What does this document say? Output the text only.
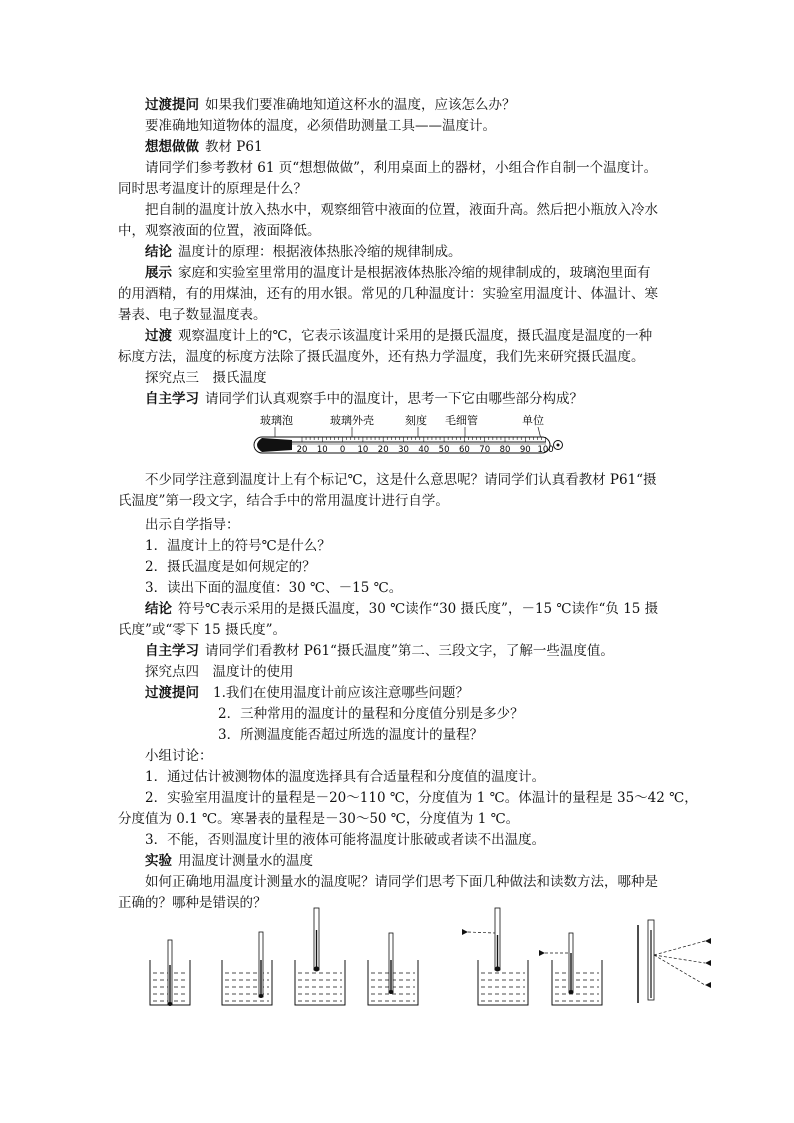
过渡提问 如果我们要准确地知道这杯水的温度，应该怎么办？
要准确地知道物体的温度，必须借助测量工具——温度计。
想想做做 教材 P61
请同学们参考教材 61 页“想想做做”，利用桌面上的器材，小组合作自制一个温度计。
同时思考温度计的原理是什么？
把自制的温度计放入热水中，观察细管中液面的位置，液面升高。然后把小瓶放入冷水
中，观察液面的位置，液面降低。
结论 温度计的原理：根据液体热胀冷缩的规律制成。
展示 家庭和实验室里常用的温度计是根据液体热胀冷缩的规律制成的，玻璃泡里面有
的用酒精，有的用煤油，还有的用水银。常见的几种温度计：实验室用温度计、体温计、寒
暑表、电子数显温度表。
过渡 观察温度计上的℃，它表示该温度计采用的是摄氏温度，摄氏温度是温度的一种
标度方法，温度的标度方法除了摄氏温度外，还有热力学温度，我们先来研究摄氏温度。
探究点三　摄氏温度
自主学习 请同学们认真观察手中的温度计，思考一下它由哪些部分构成？
玻璃泡	玻璃外壳	刻度 毛细管	单位
20 10 0 10 20 30 40 50 60 70 80 90 100
不少同学注意到温度计上有个标记℃，这是什么意思呢？请同学们认真看教材 P61“摄
氏温度”第一段文字，结合手中的常用温度计进行自学。
出示自学指导：
1．温度计上的符号℃是什么？
2．摄氏温度是如何规定的？
3．读出下面的温度值：30 ℃、－15 ℃。
结论 符号℃表示采用的是摄氏温度，30 ℃读作“30 摄氏度”，－15 ℃读作“负 15 摄
氏度”或“零下 15 摄氏度”。
自主学习 请同学们看教材 P61“摄氏温度”第二、三段文字，了解一些温度值。
探究点四　温度计的使用
过渡提问 1.我们在使用温度计前应该注意哪些问题？
2．三种常用的温度计的量程和分度值分别是多少？
3．所测温度能否超过所选的温度计的量程？
小组讨论：
1．通过估计被测物体的温度选择具有合适量程和分度值的温度计。
2．实验室用温度计的量程是－20～110 ℃，分度值为 1 ℃。体温计的量程是 35～42 ℃，
分度值为 0.1 ℃。寒暑表的量程是－30～50 ℃，分度值为 1 ℃。
3．不能，否则温度计里的液体可能将温度计胀破或者读不出温度。
实验 用温度计测量水的温度
如何正确地用温度计测量水的温度呢？请同学们思考下面几种做法和读数方法，哪种是
正确的？哪种是错误的？
